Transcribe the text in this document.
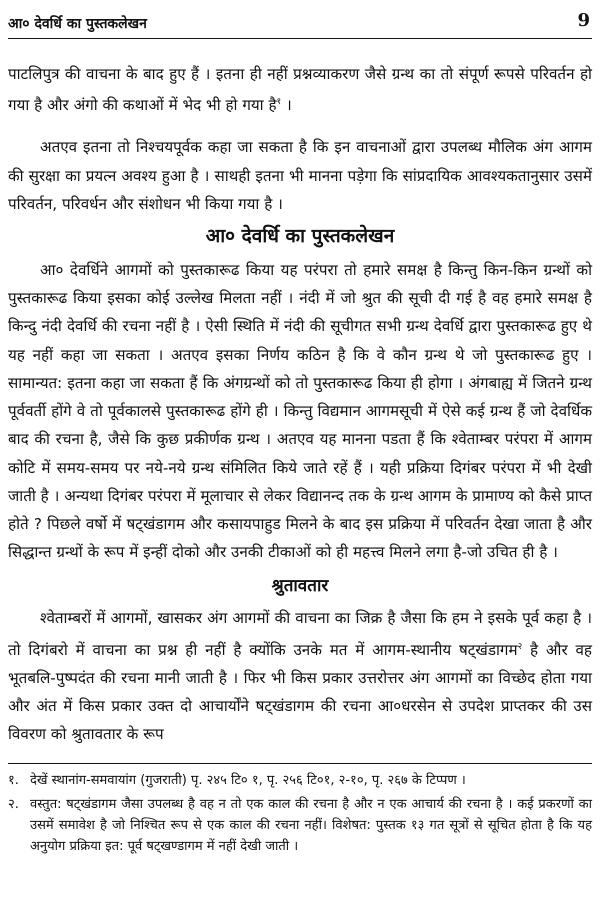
आ० देवर्धि का पुस्तकलेखन	9

पाटलिपुत्र की वाचना के बाद हुए हैं । इतना ही नहीं प्रश्नव्याकरण जैसे ग्रन्थ का तो संपूर्ण रूपसे परिवर्तन हो गया है और अंगो की कथाओं में भेद भी हो गया है$^१$ ।

अतएव इतना तो निश्चयपूर्वक कहा जा सकता है कि इन वाचनाओं द्वारा उपलब्ध मौलिक अंग आगम की सुरक्षा का प्रयत्न अवश्य हुआ है । साथही इतना भी मानना पड़ेगा कि सांप्रदायिक आवश्यकतानुसार उसमें परिवर्तन, परिवर्धन और संशोधन भी किया गया है ।

आ० देवर्धि का पुस्तकलेखन

आ० देवर्धिने आगमों को पुस्तकारूढ किया यह परंपरा तो हमारे समक्ष है किन्तु किन-किन ग्रन्थों को पुस्तकारूढ किया इसका कोई उल्लेख मिलता नहीं । नंदी में जो श्रुत की सूची दी गई है वह हमारे समक्ष है किन्दु नंदी देवर्धि की रचना नहीं है । ऐसी स्थिति में नंदी की सूचीगत सभी ग्रन्थ देवर्धि द्वारा पुस्तकारूढ हुए थे यह नहीं कहा जा सकता । अतएव इसका निर्णय कठिन है कि वे कौन ग्रन्थ थे जो पुस्तकारूढ हुए । सामान्यत: इतना कहा जा सकता हैं कि अंगग्रन्थों को तो पुस्तकारूढ किया ही होगा । अंगबाह्य में जितने ग्रन्थ पूर्ववर्ती होंगे वे तो पूर्वकालसे पुस्तकारूढ होंगे ही । किन्तु विद्यमान आगमसूची में ऐसे कई ग्रन्थ हैं जो देवर्धिक बाद की रचना है, जैसे कि कुछ प्रकीर्णक ग्रन्थ । अतएव यह मानना पडता हैं कि श्वेताम्बर परंपरा में आगम कोटि में समय-समय पर नये-नये ग्रन्थ संमिलित किये जाते रहें हैं । यही प्रक्रिया दिगंबर परंपरा में भी देखी जाती है । अन्यथा दिगंबर परंपरा में मूलाचार से लेकर विद्यानन्द तक के ग्रन्थ आगम के प्रामाण्य को कैसे प्राप्त होते ? पिछले वर्षो में षट्खंडागम और कसायपाहुड मिलने के बाद इस प्रक्रिया में परिवर्तन देखा जाता है और सिद्धान्त ग्रन्थों के रूप में इन्हीं दोको और उनकी टीकाओं को ही महत्त्व मिलने लगा है-जो उचित ही है ।

श्रुतावतार

श्वेताम्बरों में आगमों, खासकर अंग आगमों की वाचना का जिक्र है जैसा कि हम ने इसके पूर्व कहा है । तो दिगंबरो में वाचना का प्रश्न ही नहीं है क्योंकि उनके मत में आगम-स्थानीय षट्खंडागम$^२$ है और वह भूतबलि-पुष्पदंत की रचना मानी जाती है । फिर भी किस प्रकार उत्तरोत्तर अंग आगमों का विच्छेद होता गया और अंत में किस प्रकार उक्त दो आचार्योंने षट्खंडागम की रचना आ०धरसेन से उपदेश प्राप्तकर की उस विवरण को श्रुतावतार के रूप

१. देखें स्थानांग-समवायांग (गुजराती) पृ. २४५ टि० १, पृ. २५६ टि०१, २-१०, पृ. २६७ के टिप्पण ।
२. वस्तुत: षट्खंडागम जैसा उपलब्ध है वह न तो एक काल की रचना है और न एक आचार्य की रचना है । कई प्रकरणों का उसमें समावेश है जो निश्चित रूप से एक काल की रचना नहीं। विशेषत: पुस्तक १३ गत सूत्रों से सूचित होता है कि यह अनुयोग प्रक्रिया इत: पूर्व षट्खण्डागम में नहीं देखी जाती ।
